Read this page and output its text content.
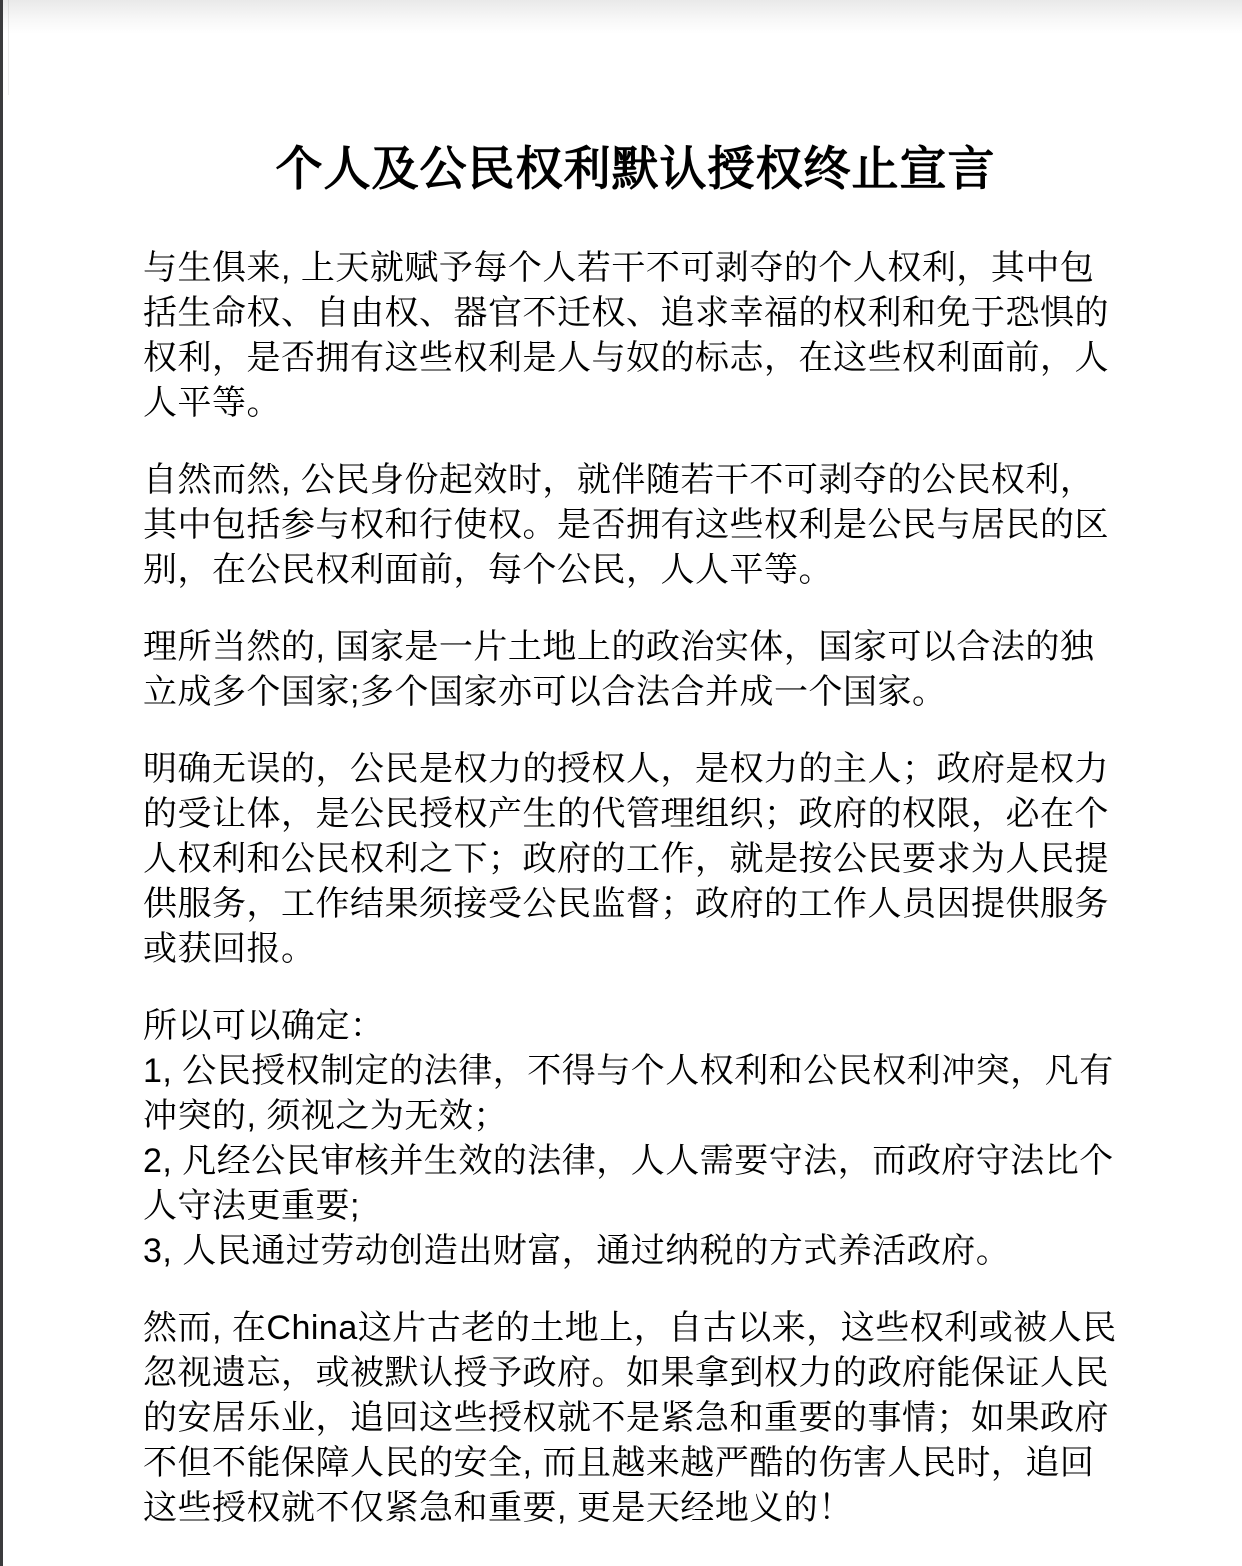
个人及公民权利默认授权终止宣言

与生俱来, 上天就赋予每个人若干不可剥夺的个人权利，其中包括生命权、自由权、器官不迁权、追求幸福的权利和免于恐惧的权利，是否拥有这些权利是人与奴的标志，在这些权利面前，人人平等。

自然而然, 公民身份起效时，就伴随若干不可剥夺的公民权利，其中包括参与权和行使权。是否拥有这些权利是公民与居民的区别，在公民权利面前，每个公民，人人平等。

理所当然的, 国家是一片土地上的政治实体，国家可以合法的独立成多个国家;多个国家亦可以合法合并成一个国家。

明确无误的，公民是权力的授权人，是权力的主人；政府是权力的受让体，是公民授权产生的代管理组织；政府的权限，必在个人权利和公民权利之下；政府的工作，就是按公民要求为人民提供服务，工作结果须接受公民监督；政府的工作人员因提供服务或获回报。

所以可以确定：
1, 公民授权制定的法律，不得与个人权利和公民权利冲突，凡有冲突的, 须视之为无效；
2, 凡经公民审核并生效的法律，人人需要守法，而政府守法比个人守法更重要;
3, 人民通过劳动创造出财富，通过纳税的方式养活政府。

然而, 在China这片古老的土地上，自古以来，这些权利或被人民忽视遗忘，或被默认授予政府。如果拿到权力的政府能保证人民的安居乐业，追回这些授权就不是紧急和重要的事情；如果政府不但不能保障人民的安全, 而且越来越严酷的伤害人民时，追回这些授权就不仅紧急和重要, 更是天经地义的！
